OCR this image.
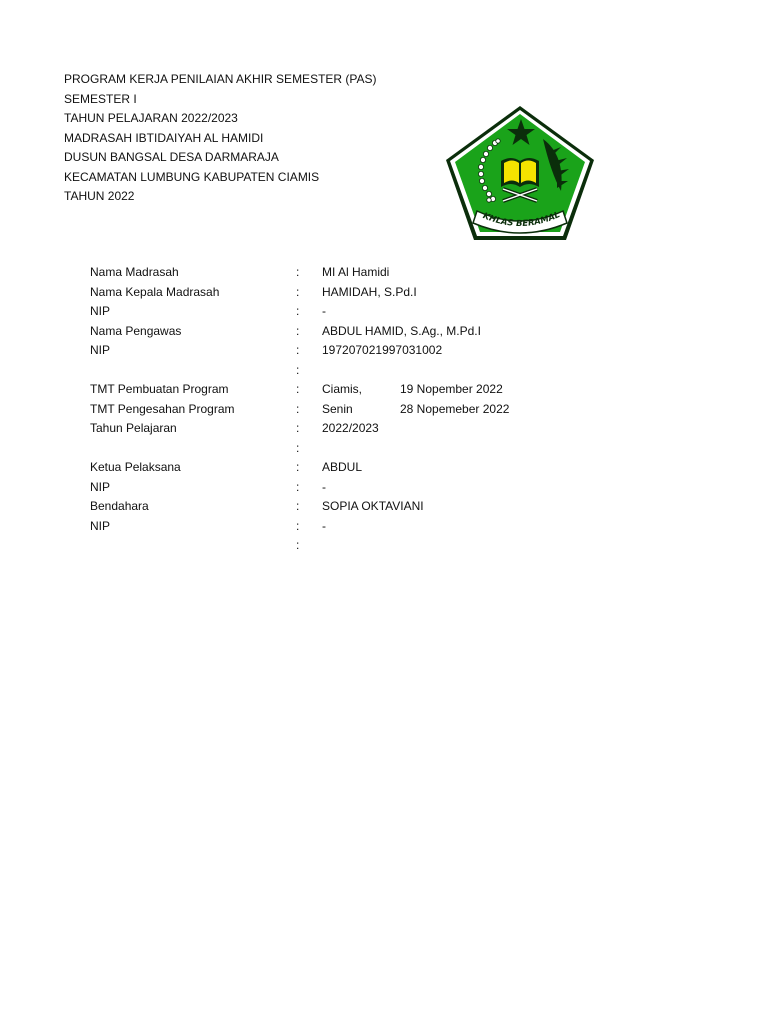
PROGRAM KERJA PENILAIAN AKHIR SEMESTER (PAS)
SEMESTER I
TAHUN PELAJARAN 2022/2023
MADRASAH IBTIDAIYAH AL HAMIDI
DUSUN BANGSAL DESA DARMARAJA
KECAMATAN LUMBUNG KABUPATEN CIAMIS
TAHUN 2022
KHLAS BERAMAL
Nama Madrasah	: MI Al Hamidi
Nama Kepala Madrasah	: HAMIDAH, S.Pd.I
NIP	: -
Nama Pengawas	: ABDUL HAMID, S.Ag., M.Pd.I
NIP	: 197207021997031002
:
TMT Pembuatan Program	: Ciamis,	19 Nopember 2022
TMT Pengesahan Program	: Senin	28 Nopemeber 2022
Tahun Pelajaran	: 2022/2023
:
Ketua Pelaksana	: ABDUL
NIP	: -
Bendahara	: SOPIA OKTAVIANI
NIP	: -
:
